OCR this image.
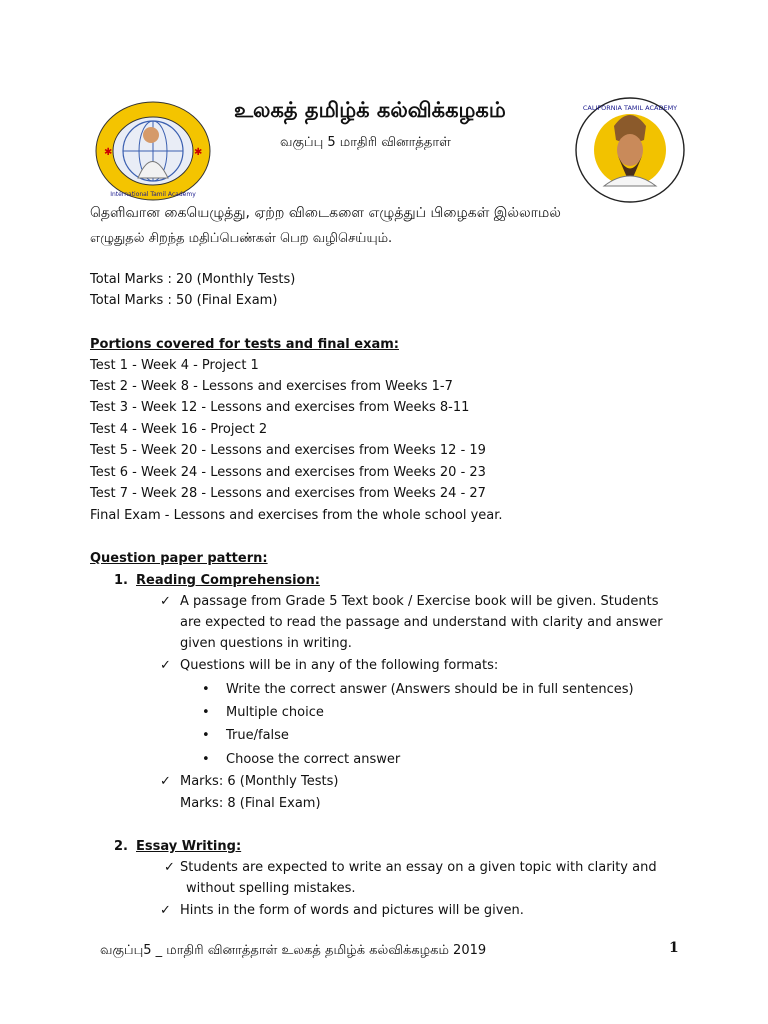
International Tamil Academy
✱	✱
CALIFORNIA TAMIL ACADEMY
உலகத் தமிழ்க் கல்விக்கழகம்
வகுப்பு 5 மாதிரி வினாத்தாள்
தெளிவான கையெழுத்து, ஏற்ற விடைகளை எழுத்துப் பிழைகள் இல்லாமல்
எழுதுதல் சிறந்த மதிப்பெண்கள் பெற வழிசெய்யும்.
Total Marks : 20 (Monthly Tests)
Total Marks : 50 (Final Exam)
Portions covered for tests and final exam:
Test 1 - Week 4 - Project 1
Test 2 - Week 8 - Lessons and exercises from Weeks 1-7
Test 3 - Week 12 - Lessons and exercises from Weeks 8-11
Test 4 - Week 16 - Project 2
Test 5 - Week 20 - Lessons and exercises from Weeks 12 - 19
Test 6 - Week 24 - Lessons and exercises from Weeks 20 - 23
Test 7 - Week 28 - Lessons and exercises from Weeks 24 - 27
Final Exam - Lessons and exercises from the whole school year.
Question paper pattern:
1. Reading Comprehension:
✓ A passage from Grade 5 Text book / Exercise book will be given. Students
are expected to read the passage and understand with clarity and answer
given questions in writing.
✓ Questions will be in any of the following formats:
• Write the correct answer (Answers should be in full sentences)
• Multiple choice
• True/false
• Choose the correct answer
✓ Marks: 6 (Monthly Tests)
Marks: 8 (Final Exam)
2. Essay Writing:
✓ Students are expected to write an essay on a given topic with clarity and
without spelling mistakes.
✓ Hints in the form of words and pictures will be given.
வகுப்பு5 _ மாதிரி வினாத்தாள் உலகத் தமிழ்க் கல்விக்கழகம் 2019	1
